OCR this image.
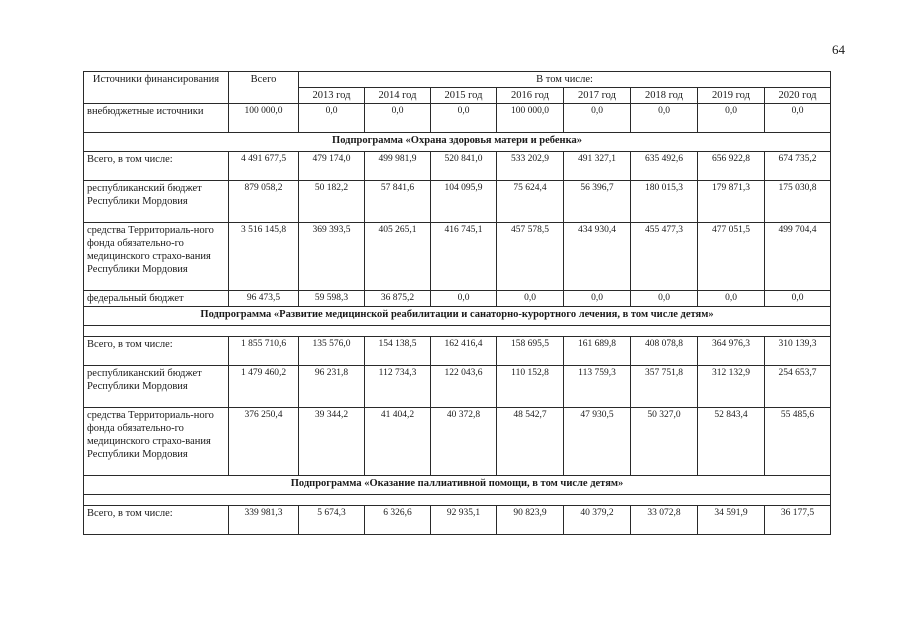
64
Источники финансирования	Всего	В том числе:							
		2013 год	2014 год	2015 год	2016 год	2017 год	2018 год	2019 год	2020 год
внебюджетные источники	100 000,0	0,0	0,0	0,0	100 000,0	0,0	0,0	0,0	0,0
Подпрограмма «Охрана здоровья матери и ребенка»									
Всего, в том числе:	4 491 677,5	479 174,0	499 981,9	520 841,0	533 202,9	491 327,1	635 492,6	656 922,8	674 735,2
республиканский бюджет Республики Мордовия	879 058,2	50 182,2	57 841,6	104 095,9	75 624,4	56 396,7	180 015,3	179 871,3	175 030,8
средства Территориаль-ного фонда обязательно-го медицинского страхо-вания Республики Мордовия	3 516 145,8	369 393,5	405 265,1	416 745,1	457 578,5	434 930,4	455 477,3	477 051,5	499 704,4
федеральный бюджет	96 473,5	59 598,3	36 875,2	0,0	0,0	0,0	0,0	0,0	0,0
Подпрограмма «Развитие медицинской реабилитации и санаторно-курортного лечения, в том числе детям»									

Всего, в том числе:	1 855 710,6	135 576,0	154 138,5	162 416,4	158 695,5	161 689,8	408 078,8	364 976,3	310 139,3
республиканский бюджет Республики Мордовия	1 479 460,2	96 231,8	112 734,3	122 043,6	110 152,8	113 759,3	357 751,8	312 132,9	254 653,7
средства Территориаль-ного фонда обязательно-го медицинского страхо-вания Республики Мордовия	376 250,4	39 344,2	41 404,2	40 372,8	48 542,7	47 930,5	50 327,0	52 843,4	55 485,6
Подпрограмма «Оказание паллиативной помощи, в том числе детям»									

Всего, в том числе:	339 981,3	5 674,3	6 326,6	92 935,1	90 823,9	40 379,2	33 072,8	34 591,9	36 177,5
